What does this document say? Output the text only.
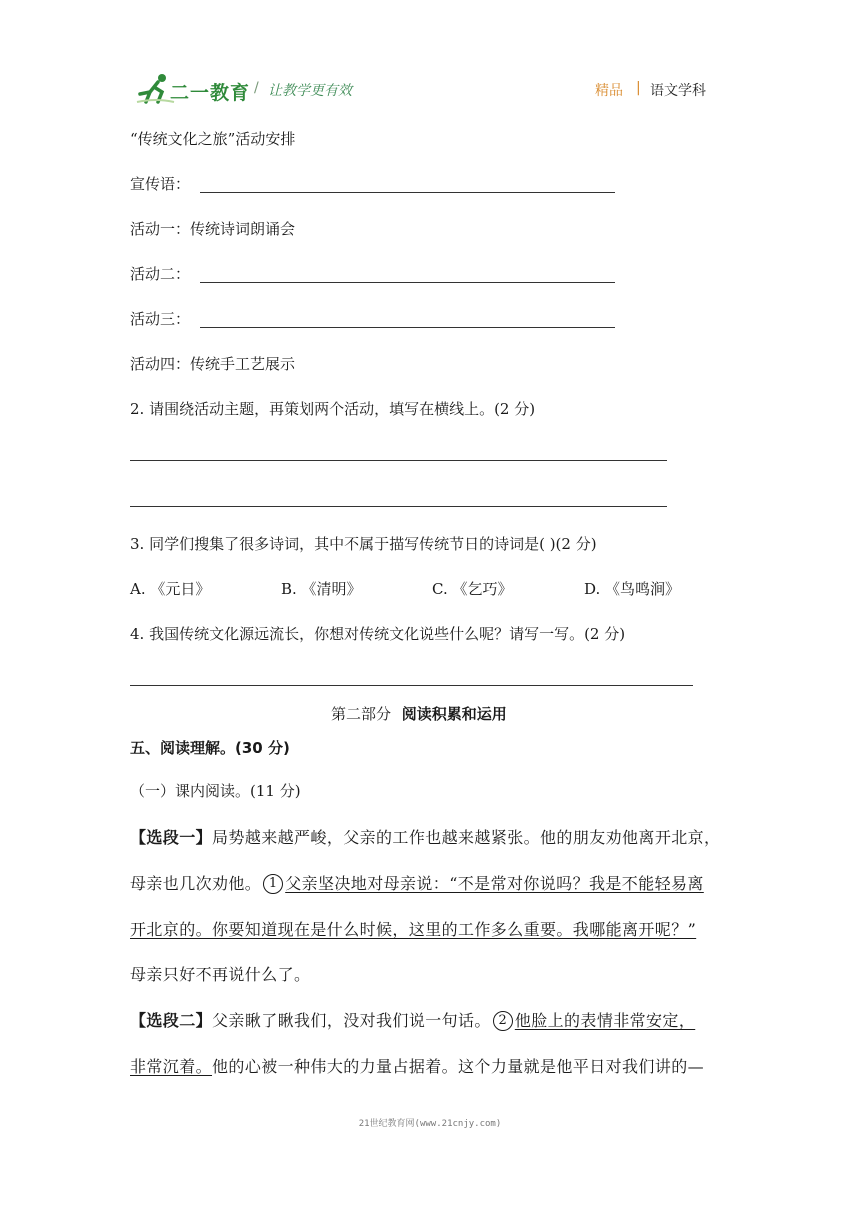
二一教育 / 让教学更有效	精品 | 语文学科
“传统文化之旅”活动安排
宣传语：
活动一：传统诗词朗诵会
活动二：
活动三：
活动四：传统手工艺展示
2. 请围绕活动主题，再策划两个活动，填写在横线上。(2 分)
3. 同学们搜集了很多诗词，其中不属于描写传统节日的诗词是( )(2 分)
A. 《元日》	B. 《清明》	C. 《乞巧》	D. 《鸟鸣涧》
4. 我国传统文化源远流长，你想对传统文化说些什么呢？请写一写。(2 分)
第二部分 阅读积累和运用
五、阅读理解。(30 分)
（一）课内阅读。(11 分)
【选段一】局势越来越严峻，父亲的工作也越来越紧张。他的朋友劝他离开北京，
母亲也几次劝他。 1 父亲坚决地对母亲说：“不是常对你说吗？我是不能轻易离
开北京的。你要知道现在是什么时候，这里的工作多么重要。我哪能离开呢？”
母亲只好不再说什么了。
【选段二】父亲瞅了瞅我们，没对我们说一句话。 2 他脸上的表情非常安定，
非常沉着。他的心被一种伟大的力量占据着。这个力量就是他平日对我们讲的—
21世纪教育网(www.21cnjy.com)
